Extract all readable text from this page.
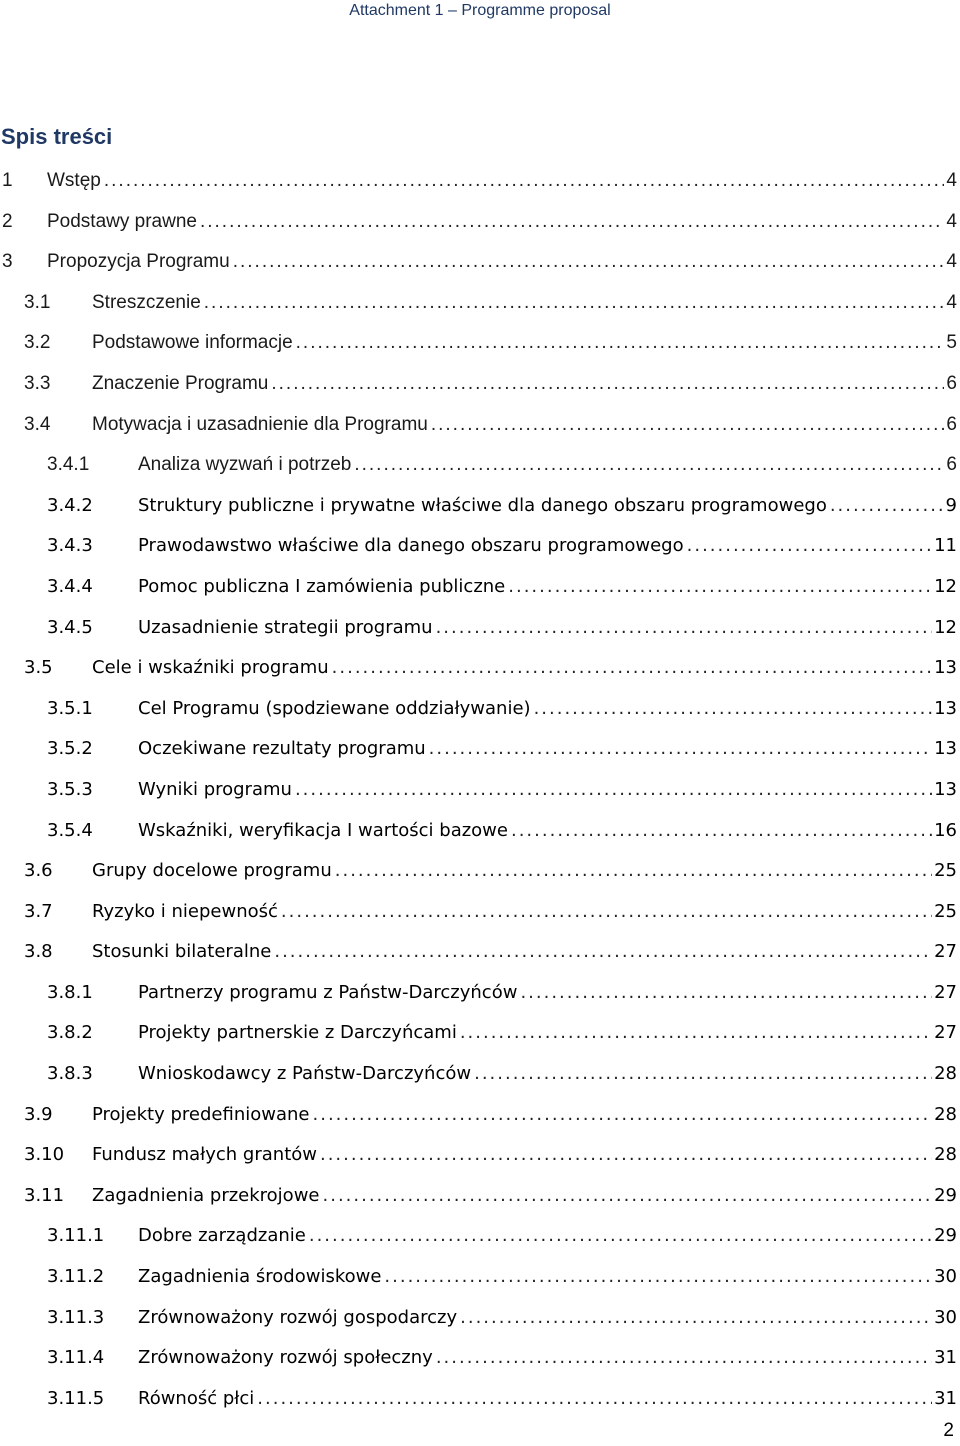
Attachment 1 – Programme proposal
Spis treści
1	Wstęp .....	4
2	Podstawy prawne .....	4
3	Propozycja Programu .....	4
3.1	Streszczenie .....	4
3.2	Podstawowe informacje .....	5
3.3	Znaczenie Programu .....	6
3.4	Motywacja i uzasadnienie dla Programu .....	6
3.4.1	Analiza wyzwań i potrzeb .....	6
3.4.2	Struktury publiczne i prywatne właściwe dla danego obszaru programowego .....	9
3.4.3	Prawodawstwo właściwe dla danego obszaru programowego .....	11
3.4.4	Pomoc publiczna I zamówienia publiczne .....	12
3.4.5	Uzasadnienie strategii programu .....	12
3.5	Cele i wskaźniki programu .....	13
3.5.1	Cel Programu (spodziewane oddziaływanie) .....	13
3.5.2	Oczekiwane rezultaty programu .....	13
3.5.3	Wyniki programu .....	13
3.5.4	Wskaźniki, weryfikacja I wartości bazowe .....	16
3.6	Grupy docelowe programu .....	25
3.7	Ryzyko i niepewność .....	25
3.8	Stosunki bilateralne .....	27
3.8.1	Partnerzy programu z Państw-Darczyńców .....	27
3.8.2	Projekty partnerskie z Darczyńcami .....	27
3.8.3	Wnioskodawcy z Państw-Darczyńców .....	28
3.9	Projekty predefiniowane .....	28
3.10	Fundusz małych grantów .....	28
3.11	Zagadnienia przekrojowe .....	29
3.11.1	Dobre zarządzanie .....	29
3.11.2	Zagadnienia środowiskowe .....	30
3.11.3	Zrównoważony rozwój gospodarczy .....	30
3.11.4	Zrównoważony rozwój społeczny .....	31
3.11.5	Równość płci .....	31
2
